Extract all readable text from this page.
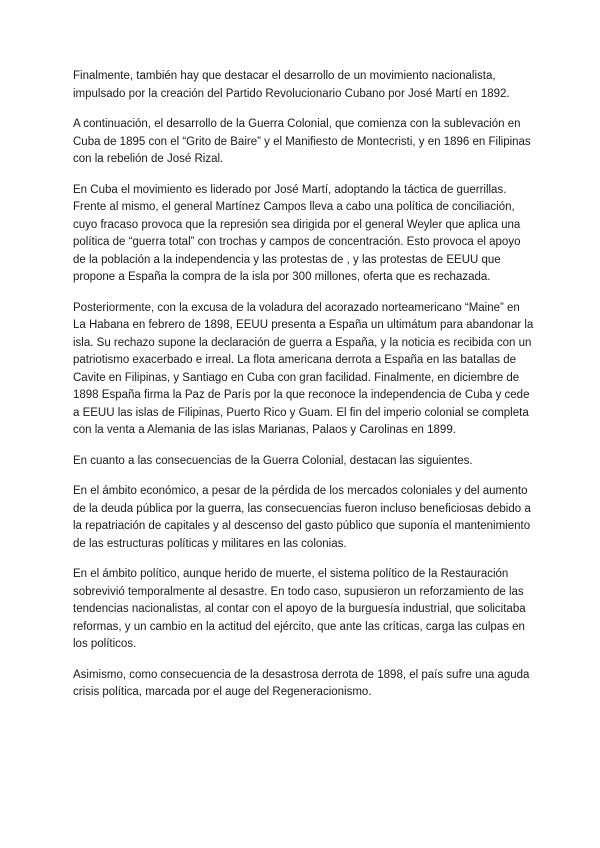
Finalmente, también hay que destacar el desarrollo de un movimiento nacionalista, impulsado por la creación del Partido Revolucionario Cubano por José Martí en 1892.

A continuación, el desarrollo de la Guerra Colonial, que comienza con la sublevación en Cuba de 1895 con el “Grito de Baire” y el Manifiesto de Montecristi, y en 1896 en Filipinas con la rebelión de José Rizal.

En Cuba el movimiento es liderado por José Martí, adoptando la táctica de guerrillas. Frente al mismo, el general Martínez Campos lleva a cabo una política de conciliación, cuyo fracaso provoca que la represión sea dirigida por el general Weyler que aplica una política de “guerra total” con trochas y campos de concentración. Esto provoca el apoyo de la población a la independencia y las protestas de , y las protestas de EEUU que propone a España la compra de la isla por 300 millones, oferta que es rechazada.

Posteriormente, con la excusa de la voladura del acorazado norteamericano “Maine” en La Habana en febrero de 1898, EEUU presenta a España un ultimátum para abandonar la isla. Su rechazo supone la declaración de guerra a España, y la noticia es recibida con un patriotismo exacerbado e irreal. La flota americana derrota a España en las batallas de Cavite en Filipinas, y Santiago en Cuba con gran facilidad. Finalmente, en diciembre de 1898 España firma la Paz de París por la que reconoce la independencia de Cuba y cede a EEUU las islas de Filipinas, Puerto Rico y Guam. El fin del imperio colonial se completa con la venta a Alemania de las islas Marianas, Palaos y Carolinas en 1899.

En cuanto a las consecuencias de la Guerra Colonial, destacan las siguientes.

En el ámbito económico, a pesar de la pérdida de los mercados coloniales y del aumento de la deuda pública por la guerra, las consecuencias fueron incluso beneficiosas debido a la repatriación de capitales y al descenso del gasto público que suponía el mantenimiento de las estructuras políticas y militares en las colonias.

En el ámbito político, aunque herido de muerte, el sistema político de la Restauración sobrevivió temporalmente al desastre. En todo caso, supusieron un reforzamiento de las tendencias nacionalistas, al contar con el apoyo de la burguesía industrial, que solicitaba reformas, y un cambio en la actitud del ejército, que ante las críticas, carga las culpas en los políticos.

Asimismo, como consecuencia de la desastrosa derrota de 1898, el país sufre una aguda crisis política, marcada por el auge del Regeneracionismo.
